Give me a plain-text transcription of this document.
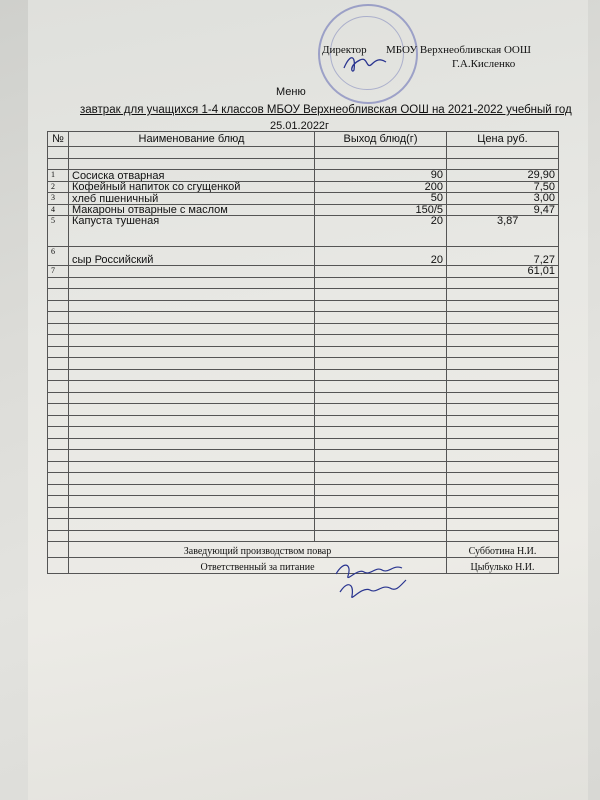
Директор МБОУ Верхнеобливская ООШ
Г.А.Кисленко
Меню
завтрак для учащихся 1-4 классов МБОУ Верхнеобливская ООШ на 2021-2022 учебный год
25.01.2022г
№	Наименование блюд	Выход блюд(г)	Цена руб.

1	Сосиска отварная	90	29,90
2	Кофейный напиток со сгущенкой	200	7,50
3	хлеб пшеничный	50	3,00
4	Макароны отварные с маслом	150/5	9,47
5	Капуста тушеная	20	3,87
6	сыр Российский	20	7,27
7			61,01

	Заведующий производством повар		Субботина Н.И.
	Ответственный за питание		Цыбулько Н.И.
